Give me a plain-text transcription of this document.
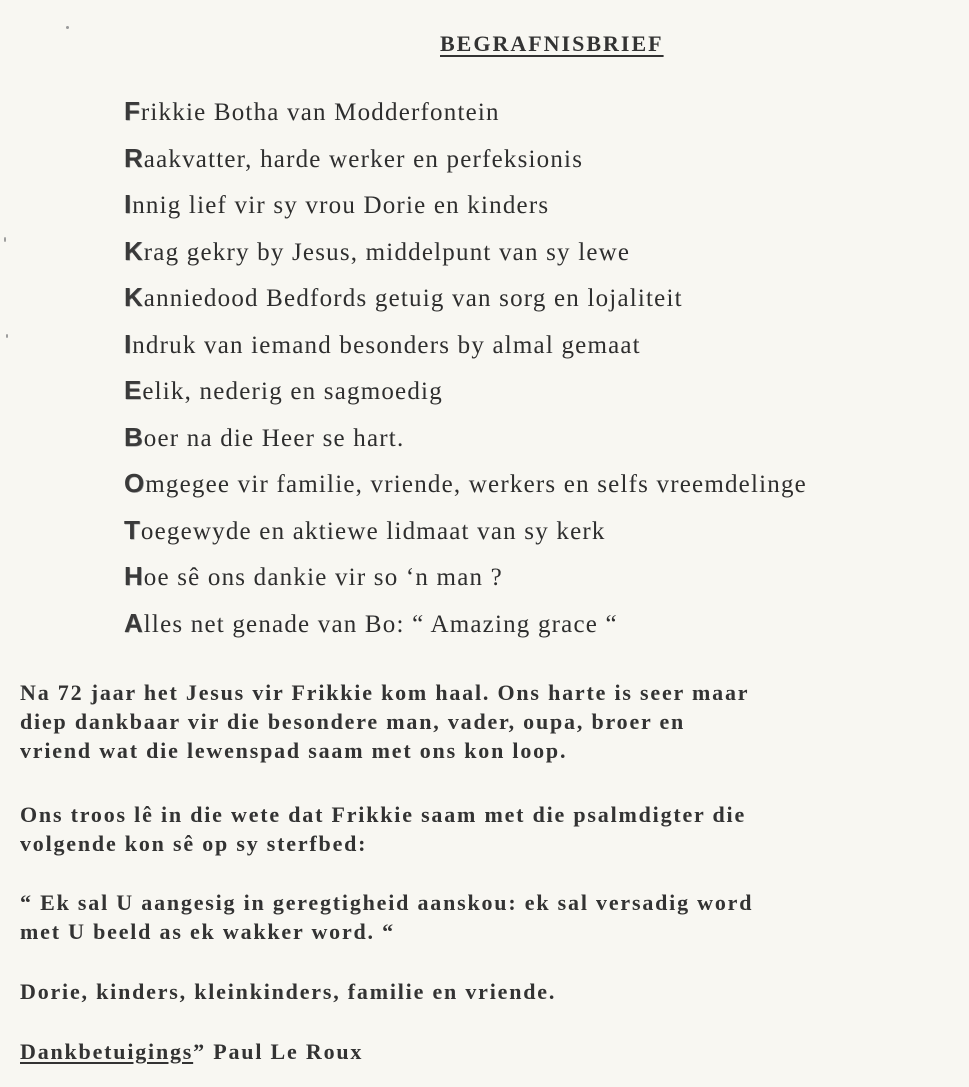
BEGRAFNISBRIEF
Frikkie Botha van Modderfontein
Raakvatter, harde werker en perfeksionis
Innig lief vir sy vrou Dorie en kinders
Krag gekry by Jesus, middelpunt van sy lewe
Kanniedood Bedfords getuig van sorg en lojaliteit
Indruk van iemand besonders by almal gemaat
Eelik, nederig en sagmoedig
Boer na die Heer se hart.
Omgegee vir familie, vriende, werkers en selfs vreemdelinge
Toegewyde en aktiewe lidmaat van sy kerk
Hoe sê ons dankie vir so ‘n man ?
Alles net genade van Bo: “ Amazing grace “

Na 72 jaar het Jesus vir Frikkie kom haal. Ons harte is seer maar
diep dankbaar vir die besondere man, vader, oupa, broer en
vriend wat die lewenspad saam met ons kon loop.

Ons troos lê in die wete dat Frikkie saam met die psalmdigter die
volgende kon sê op sy sterfbed:

“ Ek sal U aangesig in geregtigheid aanskou: ek sal versadig word
met U beeld as ek wakker word. “

Dorie, kinders, kleinkinders, familie en vriende.

Dankbetuigings” Paul Le Roux
